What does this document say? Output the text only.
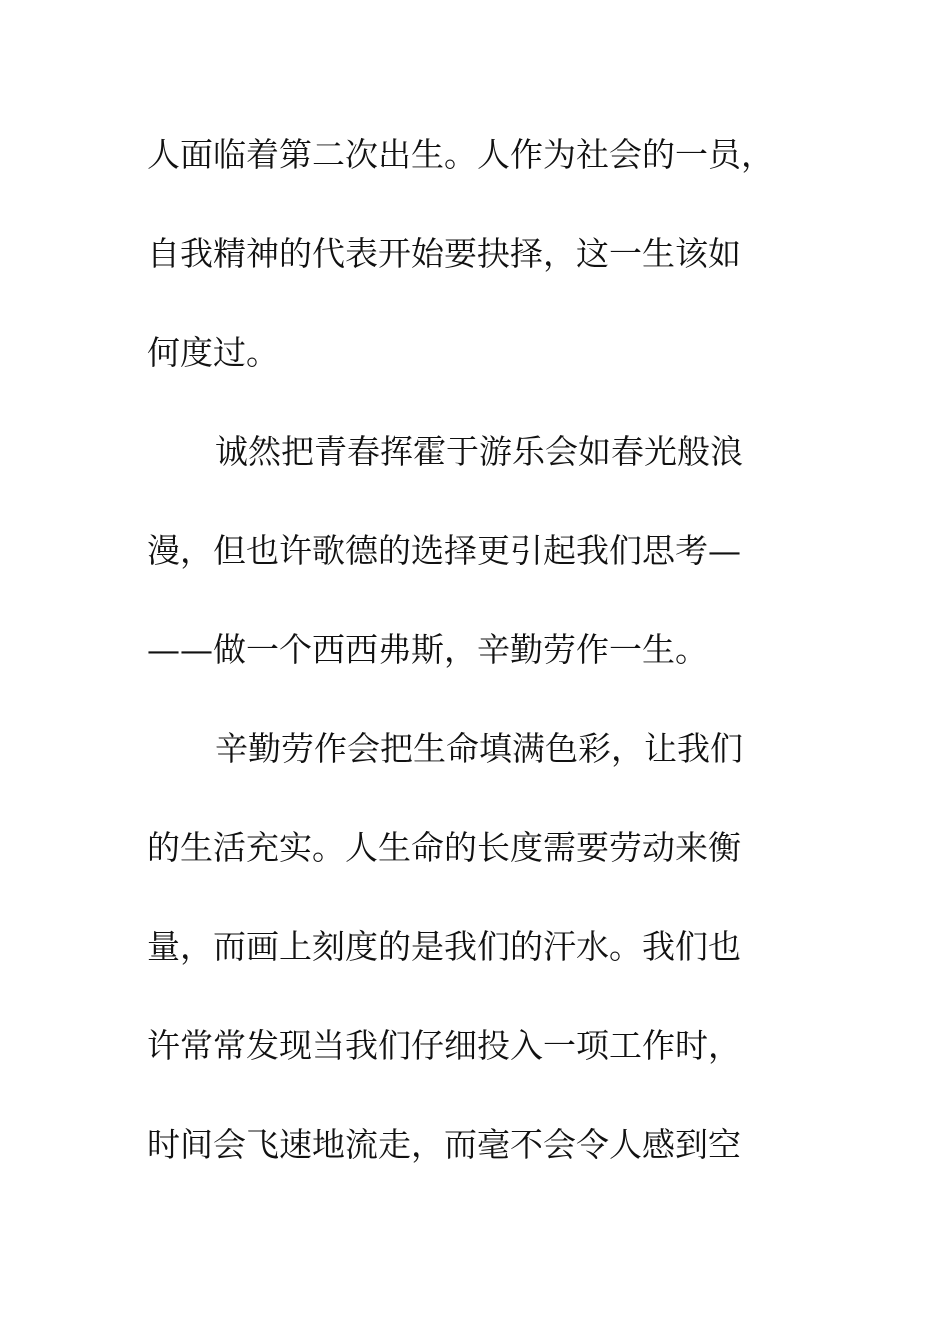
人面临着第二次出生。人作为社会的一员，
自我精神的代表开始要抉择，这一生该如
何度过。
诚然把青春挥霍于游乐会如春光般浪
漫，但也许歌德的选择更引起我们思考—
——做一个西西弗斯，辛勤劳作一生。
辛勤劳作会把生命填满色彩，让我们
的生活充实。人生命的长度需要劳动来衡
量，而画上刻度的是我们的汗水。我们也
许常常发现当我们仔细投入一项工作时，
时间会飞速地流走，而毫不会令人感到空
